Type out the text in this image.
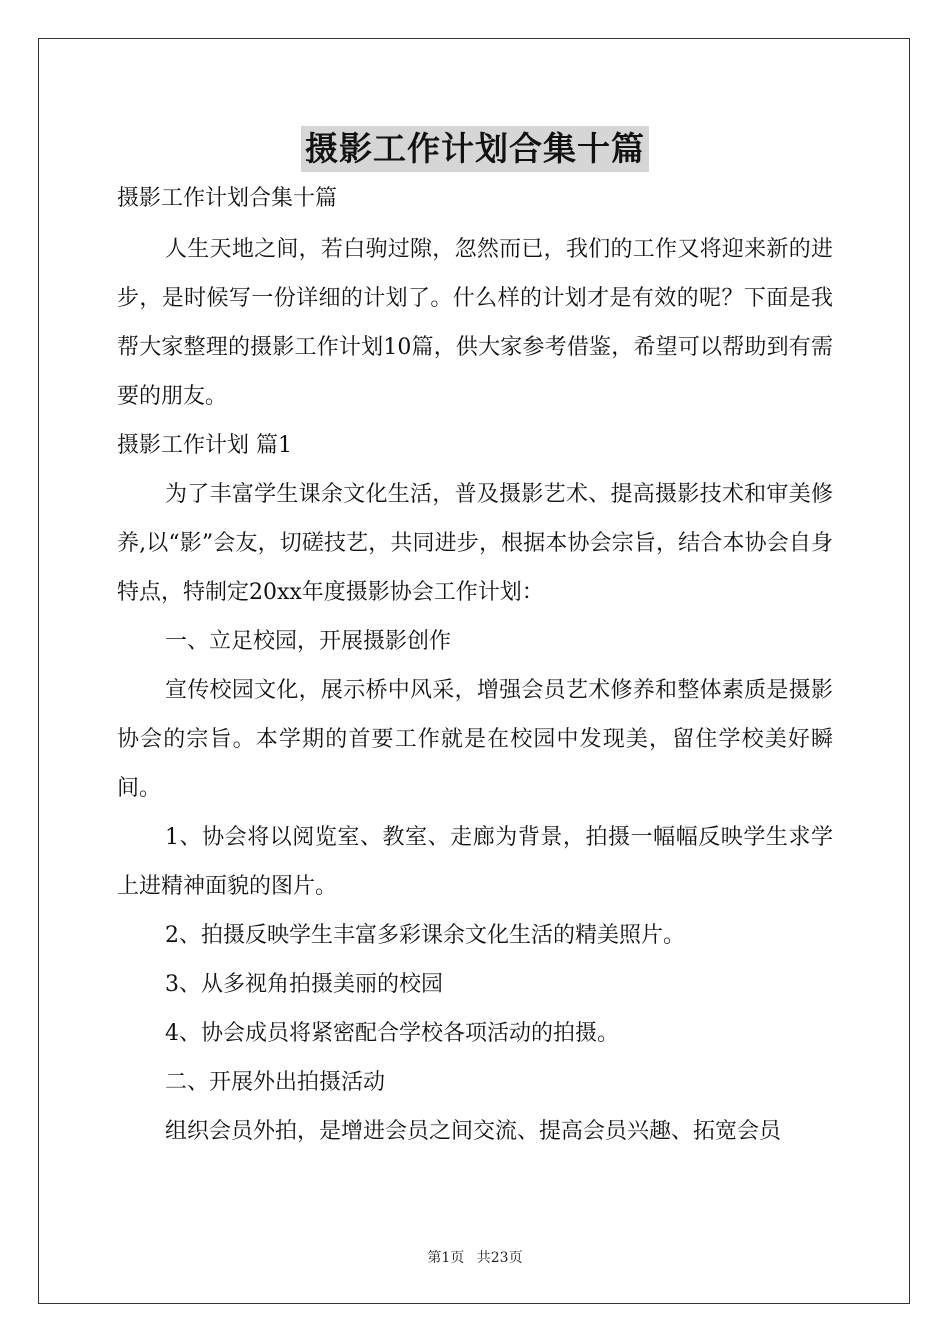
摄影工作计划合集十篇
摄影工作计划合集十篇

人生天地之间，若白驹过隙，忽然而已，我们的工作又将迎来新的进步，是时候写一份详细的计划了。什么样的计划才是有效的呢？下面是我帮大家整理的摄影工作计划10篇，供大家参考借鉴，希望可以帮助到有需要的朋友。

摄影工作计划 篇1

为了丰富学生课余文化生活，普及摄影艺术、提高摄影技术和审美修养,以“影”会友，切磋技艺，共同进步，根据本协会宗旨，结合本协会自身特点，特制定20xx年度摄影协会工作计划：

一、立足校园，开展摄影创作

宣传校园文化，展示桥中风采，增强会员艺术修养和整体素质是摄影协会的宗旨。本学期的首要工作就是在校园中发现美，留住学校美好瞬间。

1、协会将以阅览室、教室、走廊为背景，拍摄一幅幅反映学生求学上进精神面貌的图片。

2、拍摄反映学生丰富多彩课余文化生活的精美照片。

3、从多视角拍摄美丽的校园

4、协会成员将紧密配合学校各项活动的拍摄。

二、开展外出拍摄活动

组织会员外拍，是增进会员之间交流、提高会员兴趣、拓宽会员

第1页 共23页
